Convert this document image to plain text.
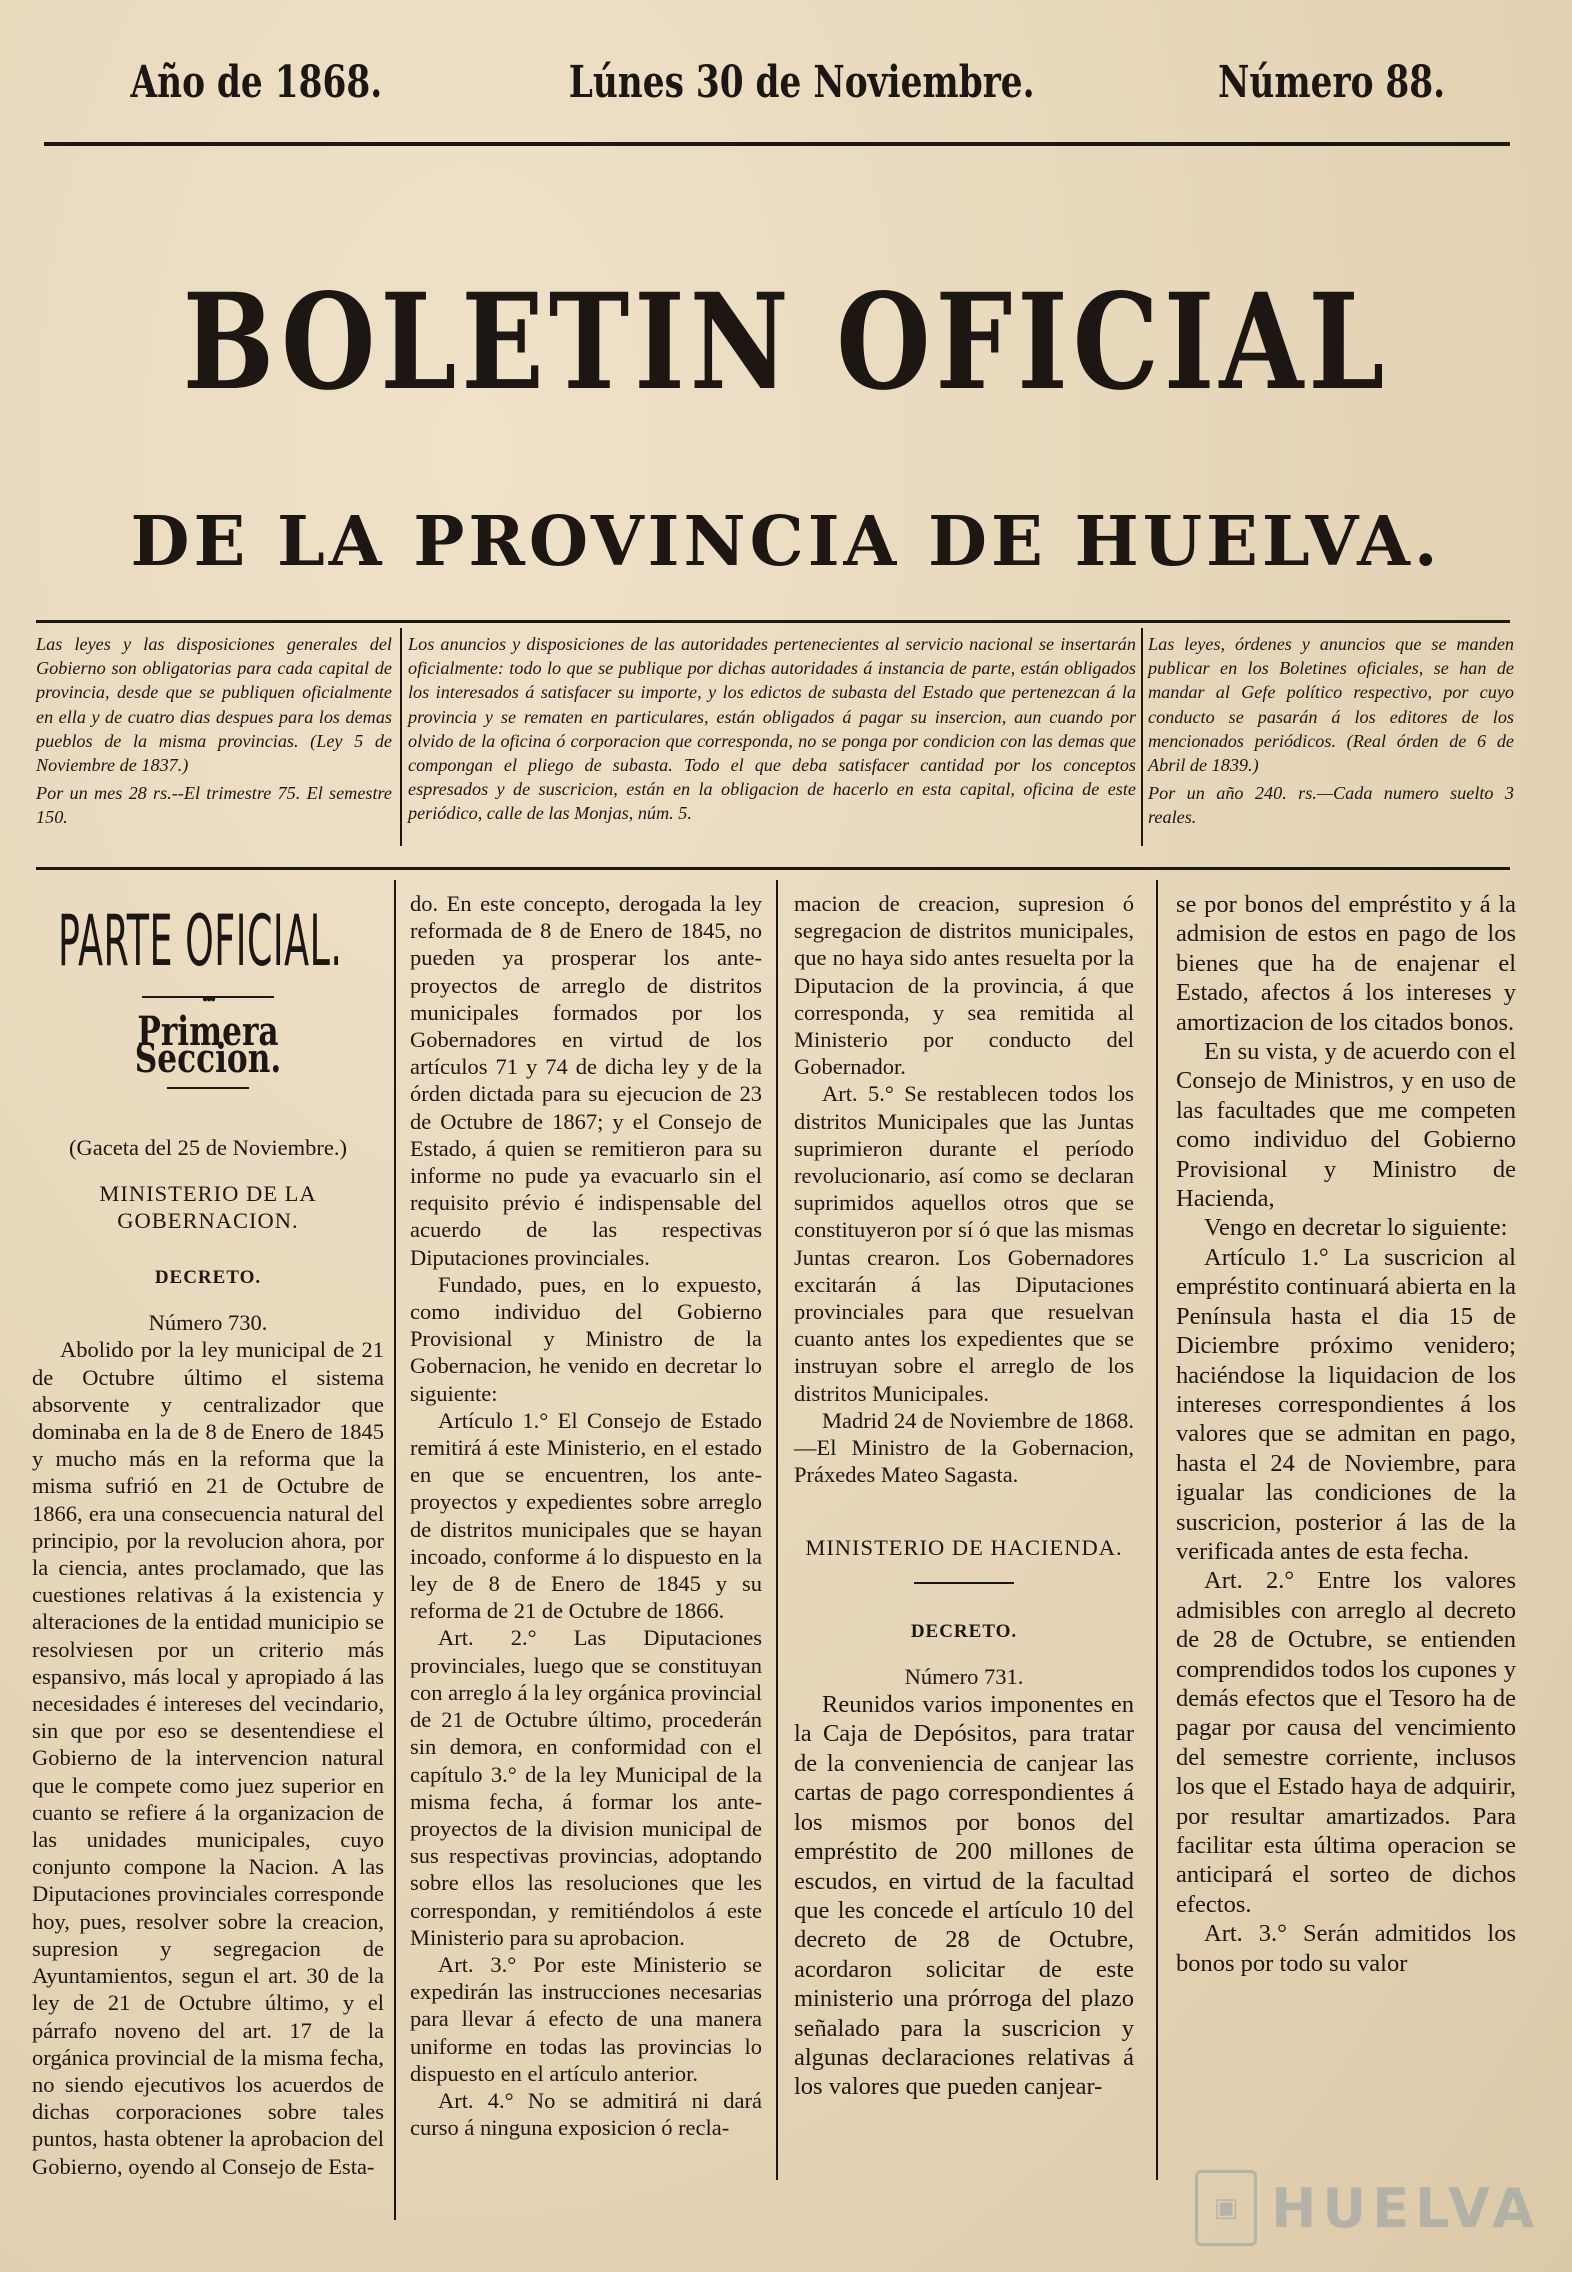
Año de 1868.	Lúnes 30 de Noviembre.	Número 88.
BOLETIN OFICIAL
DE LA PROVINCIA DE HUELVA.
Las leyes y las disposiciones generales del Gobierno son obligatorias para cada capital de provincia, desde que se publiquen oficialmente en ella y de cuatro dias despues para los demas pueblos de la misma provincias. (Ley 5 de Noviembre de 1837.)
Por un mes 28 rs.--El trimestre 75. El semestre 150.
Los anuncios y disposiciones de las autoridades pertenecientes al servicio nacional se insertarán oficialmente: todo lo que se publique por dichas autoridades á instancia de parte, están obligados los interesados á satisfacer su importe, y los edictos de subasta del Estado que pertenezcan á la provincia y se rematen en particulares, están obligados á pagar su insercion, aun cuando por olvido de la oficina ó corporacion que corresponda, no se ponga por condicion con las demas que compongan el pliego de subasta. Todo el que deba satisfacer cantidad por los conceptos espresados y de suscricion, están en la obligacion de hacerlo en esta capital, oficina de este periódico, calle de las Monjas, núm. 5.
Las leyes, órdenes y anuncios que se manden publicar en los Boletines oficiales, se han de mandar al Gefe político respectivo, por cuyo conducto se pasarán á los editores de los mencionados periódicos. (Real órden de 6 de Abril de 1839.)
Por un año 240. rs.—Cada numero suelto 3 reales.
PARTE OFICIAL.
●●●
Primera Seccion.

(Gaceta del 25 de Noviembre.)

MINISTERIO DE LA GOBERNACION.

DECRETO.

Número 730.

Abolido por la ley municipal de 21 de Octubre último el sistema absorvente y centralizador que dominaba en la de 8 de Enero de 1845 y mucho más en la reforma que la misma sufrió en 21 de Octubre de 1866, era una consecuencia natural del principio, por la revolucion ahora, por la ciencia, antes proclamado, que las cuestiones relativas á la existencia y alteraciones de la entidad municipio se resolviesen por un criterio más espansivo, más local y apropiado á las necesidades é intereses del vecindario, sin que por eso se desentendiese el Gobierno de la intervencion natural que le compete como juez superior en cuanto se refiere á la organizacion de las unidades municipales, cuyo conjunto compone la Nacion. A las Diputaciones provinciales corresponde hoy, pues, resolver sobre la creacion, supresion y segregacion de Ayuntamientos, segun el art. 30 de la ley de 21 de Octubre último, y el párrafo noveno del art. 17 de la orgánica provincial de la misma fecha, no siendo ejecutivos los acuerdos de dichas corporaciones sobre tales puntos, hasta obtener la aprobacion del Gobierno, oyendo al Consejo de Esta-

do. En este concepto, derogada la ley reformada de 8 de Enero de 1845, no pueden ya prosperar los ante-proyectos de arreglo de distritos municipales formados por los Gobernadores en virtud de los artículos 71 y 74 de dicha ley y de la órden dictada para su ejecucion de 23 de Octubre de 1867; y el Consejo de Estado, á quien se remitieron para su informe no pude ya evacuarlo sin el requisito prévio é indispensable del acuerdo de las respectivas Diputaciones provinciales.

Fundado, pues, en lo expuesto, como individuo del Gobierno Provisional y Ministro de la Gobernacion, he venido en decretar lo siguiente:

Artículo 1.° El Consejo de Estado remitirá á este Ministerio, en el estado en que se encuentren, los ante-proyectos y expedientes sobre arreglo de distritos municipales que se hayan incoado, conforme á lo dispuesto en la ley de 8 de Enero de 1845 y su reforma de 21 de Octubre de 1866.

Art. 2.° Las Diputaciones provinciales, luego que se constituyan con arreglo á la ley orgánica provincial de 21 de Octubre último, procederán sin demora, en conformidad con el capítulo 3.° de la ley Municipal de la misma fecha, á formar los ante-proyectos de la division municipal de sus respectivas provincias, adoptando sobre ellos las resoluciones que les correspondan, y remitiéndolos á este Ministerio para su aprobacion.

Art. 3.° Por este Ministerio se expedirán las instrucciones necesarias para llevar á efecto de una manera uniforme en todas las provincias lo dispuesto en el artículo anterior.

Art. 4.° No se admitirá ni dará curso á ninguna exposicion ó recla-

macion de creacion, supresion ó segregacion de distritos municipales, que no haya sido antes resuelta por la Diputacion de la provincia, á que corresponda, y sea remitida al Ministerio por conducto del Gobernador.

Art. 5.° Se restablecen todos los distritos Municipales que las Juntas suprimieron durante el período revolucionario, así como se declaran suprimidos aquellos otros que se constituyeron por sí ó que las mismas Juntas crearon. Los Gobernadores excitarán á las Diputaciones provinciales para que resuelvan cuanto antes los expedientes que se instruyan sobre el arreglo de los distritos Municipales.

Madrid 24 de Noviembre de 1868.—El Ministro de la Gobernacion, Práxedes Mateo Sagasta.

MINISTERIO DE HACIENDA.

DECRETO.

Número 731.

Reunidos varios imponentes en la Caja de Depósitos, para tratar de la conveniencia de canjear las cartas de pago correspondientes á los mismos por bonos del empréstito de 200 millones de escudos, en virtud de la facultad que les concede el artículo 10 del decreto de 28 de Octubre, acordaron solicitar de este ministerio una prórroga del plazo señalado para la suscricion y algunas declaraciones relativas á los valores que pueden canjear-

se por bonos del empréstito y á la admision de estos en pago de los bienes que ha de enajenar el Estado, afectos á los intereses y amortizacion de los citados bonos.

En su vista, y de acuerdo con el Consejo de Ministros, y en uso de las facultades que me competen como individuo del Gobierno Provisional y Ministro de Hacienda,

Vengo en decretar lo siguiente:

Artículo 1.° La suscricion al empréstito continuará abierta en la Península hasta el dia 15 de Diciembre próximo venidero; haciéndose la liquidacion de los intereses correspondientes á los valores que se admitan en pago, hasta el 24 de Noviembre, para igualar las condiciones de la suscricion, posterior á las de la verificada antes de esta fecha.

Art. 2.° Entre los valores admisibles con arreglo al decreto de 28 de Octubre, se entienden comprendidos todos los cupones y demás efectos que el Tesoro ha de pagar por causa del vencimiento del semestre corriente, inclusos los que el Estado haya de adquirir, por resultar amartizados. Para facilitar esta última operacion se anticipará el sorteo de dichos efectos.

Art. 3.° Serán admitidos los bonos por todo su valor

▣ HUELVA
